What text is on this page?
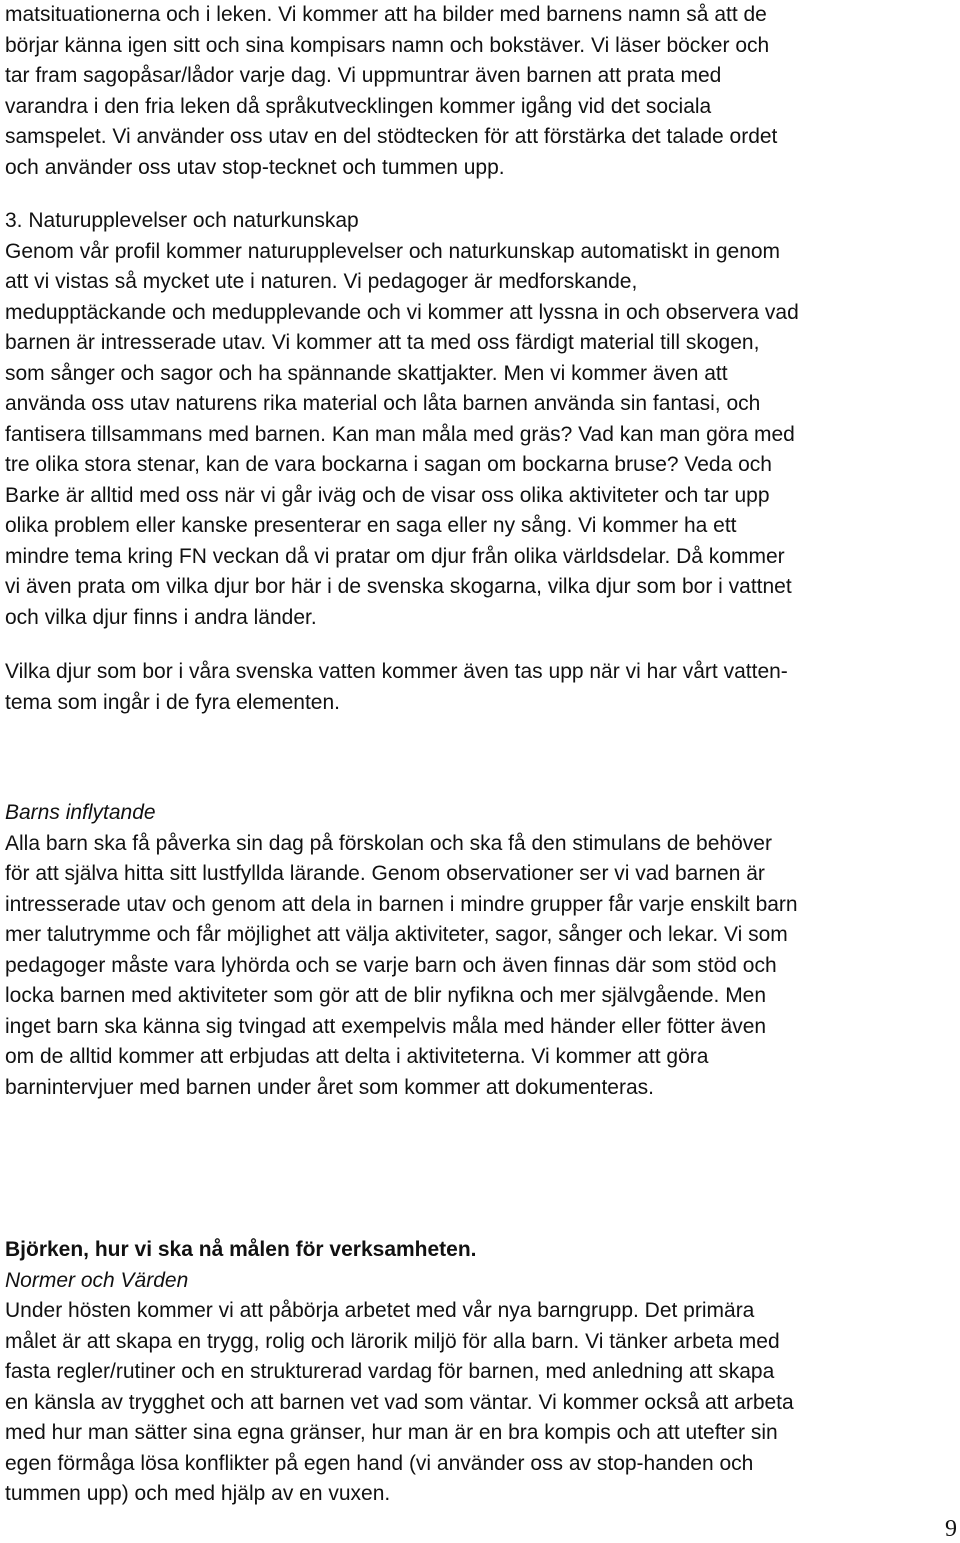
matsituationerna och i leken. Vi kommer att ha bilder med barnens namn så att de
börjar känna igen sitt och sina kompisars namn och bokstäver. Vi läser böcker och
tar fram sagopåsar/lådor varje dag. Vi uppmuntrar även barnen att prata med
varandra i den fria leken då språkutvecklingen kommer igång vid det sociala
samspelet. Vi använder oss utav en del stödtecken för att förstärka det talade ordet
och använder oss utav stop-tecknet och tummen upp.
3. Naturupplevelser och naturkunskap
Genom vår profil kommer naturupplevelser och naturkunskap automatiskt in genom
att vi vistas så mycket ute i naturen. Vi pedagoger är medforskande,
medupptäckande och medupplevande och vi kommer att lyssna in och observera vad
barnen är intresserade utav. Vi kommer att ta med oss färdigt material till skogen,
som sånger och sagor och ha spännande skattjakter. Men vi kommer även att
använda oss utav naturens rika material och låta barnen använda sin fantasi, och
fantisera tillsammans med barnen. Kan man måla med gräs? Vad kan man göra med
tre olika stora stenar, kan de vara bockarna i sagan om bockarna bruse? Veda och
Barke är alltid med oss när vi går iväg och de visar oss olika aktiviteter och tar upp
olika problem eller kanske presenterar en saga eller ny sång. Vi kommer ha ett
mindre tema kring FN veckan då vi pratar om djur från olika världsdelar. Då kommer
vi även prata om vilka djur bor här i de svenska skogarna, vilka djur som bor i vattnet
och vilka djur finns i andra länder.
Vilka djur som bor i våra svenska vatten kommer även tas upp när vi har vårt vatten-
tema som ingår i de fyra elementen.
Barns inflytande
Alla barn ska få påverka sin dag på förskolan och ska få den stimulans de behöver
för att själva hitta sitt lustfyllda lärande. Genom observationer ser vi vad barnen är
intresserade utav och genom att dela in barnen i mindre grupper får varje enskilt barn
mer talutrymme och får möjlighet att välja aktiviteter, sagor, sånger och lekar. Vi som
pedagoger måste vara lyhörda och se varje barn och även finnas där som stöd och
locka barnen med aktiviteter som gör att de blir nyfikna och mer självgående. Men
inget barn ska känna sig tvingad att exempelvis måla med händer eller fötter även
om de alltid kommer att erbjudas att delta i aktiviteterna. Vi kommer att göra
barnintervjuer med barnen under året som kommer att dokumenteras.
Björken, hur vi ska nå målen för verksamheten.
Normer och Värden
Under hösten kommer vi att påbörja arbetet med vår nya barngrupp. Det primära
målet är att skapa en trygg, rolig och lärorik miljö för alla barn. Vi tänker arbeta med
fasta regler/rutiner och en strukturerad vardag för barnen, med anledning att skapa
en känsla av trygghet och att barnen vet vad som väntar. Vi kommer också att arbeta
med hur man sätter sina egna gränser, hur man är en bra kompis och att utefter sin
egen förmåga lösa konflikter på egen hand (vi använder oss av stop-handen och
tummen upp) och med hjälp av en vuxen.
9
